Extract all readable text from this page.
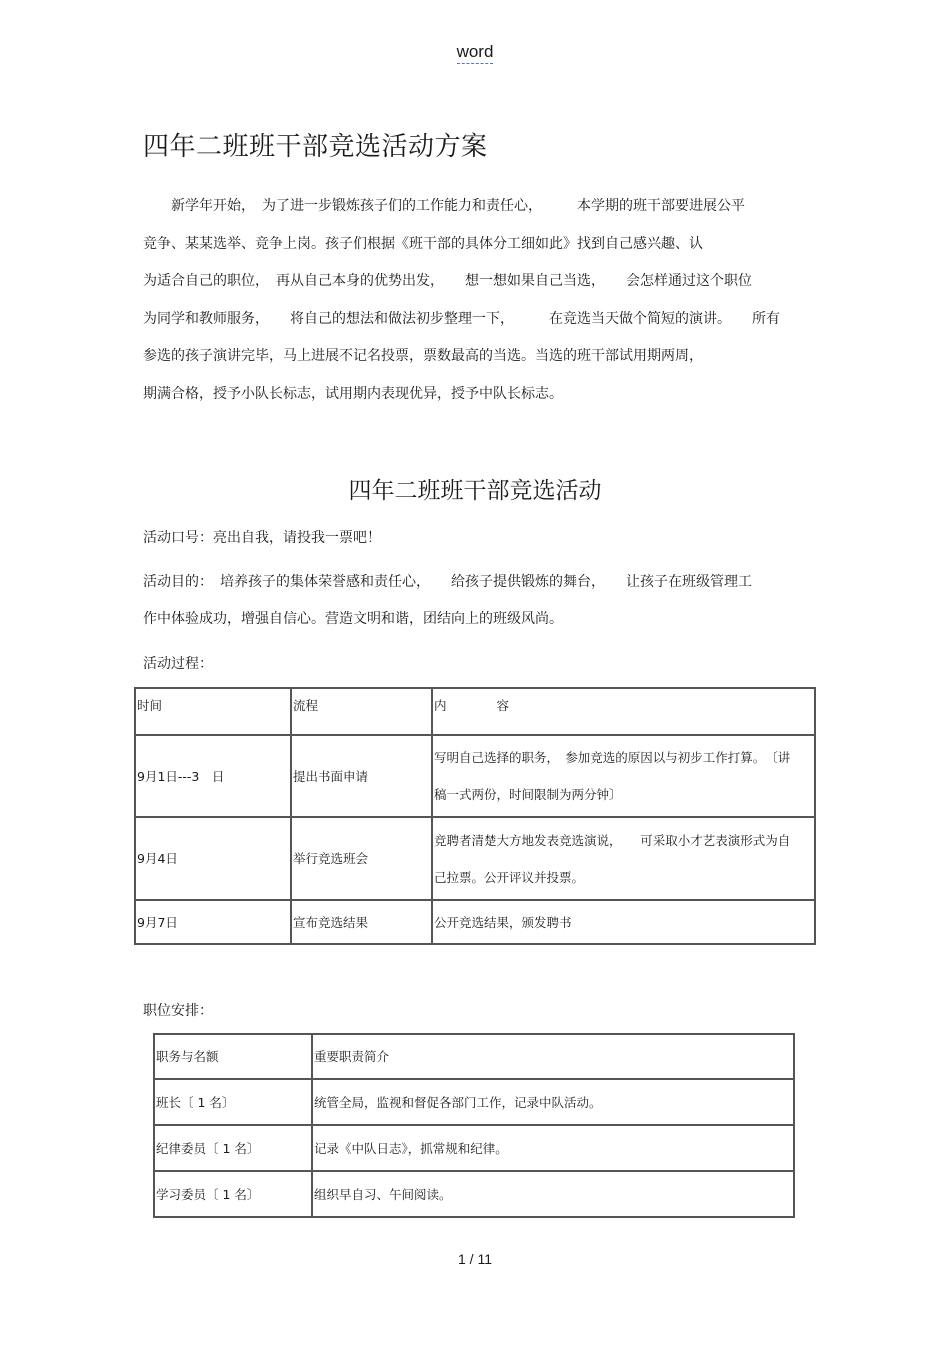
word
四年二班班干部竞选活动方案
　　新学年开始，　为了进一步锻炼孩子们的工作能力和责任心，　　　本学期的班干部要进展公平
竞争、某某选举、竞争上岗。孩子们根据《班干部的具体分工细如此》找到自己感兴趣、认
为适合自己的职位，　再从自己本身的优势出发，　　想一想如果自己当选，　　会怎样通过这个职位
为同学和教师服务，　　将自己的想法和做法初步整理一下，　　　在竞选当天做个简短的演讲。　　所有
参选的孩子演讲完毕，马上进展不记名投票，票数最高的当选。当选的班干部试用期两周，
期满合格，授予小队长标志，试用期内表现优异，授予中队长标志。
四年二班班干部竞选活动
活动口号：亮出自我，请投我一票吧！
活动目的：　培养孩子的集体荣誉感和责任心，　　给孩子提供锻炼的舞台，　　让孩子在班级管理工
作中体验成功，增强自信心。营造文明和谐，团结向上的班级风尚。
活动过程：
时间	流程	内　　　　容
9月1日---3　日	提出书面申请	写明自己选择的职务，　参加竞选的原因以与初步工作打算。　〔讲
稿一式两份，时间限制为两分钟〕

9月4日	举行竞选班会	竞聘者清楚大方地发表竞选演说，　　可采取小才艺表演形式为自
己拉票。公开评议并投票。

9月7日	宣布竞选结果	公开竞选结果，颁发聘书
职位安排：
职务与名额	重要职责简介
班长〔 1 名〕	统管全局，监视和督促各部门工作，记录中队活动。
纪律委员〔 1 名〕	记录《中队日志》，抓常规和纪律。
学习委员〔 1 名〕	组织早自习、午间阅读。
1 / 11
